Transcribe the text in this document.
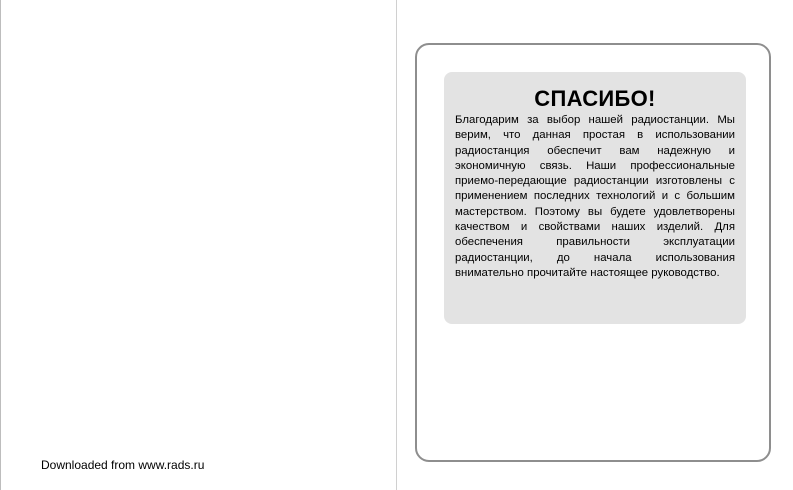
Downloaded from www.rads.ru
СПАСИБО!

Благодарим за выбор нашей радиостанции. Мы верим, что данная простая в использовании радиостанция обеспечит вам надежную и экономичную связь. Наши профессиональные приемо-передающие радиостанции изготовлены с применением последних технологий и с большим мастерством. Поэтому вы будете удовлетворены качеством и свойствами наших изделий. Для обеспечения правильности эксплуатации радиостанции, до начала использования внимательно прочитайте настоящее руководство.
